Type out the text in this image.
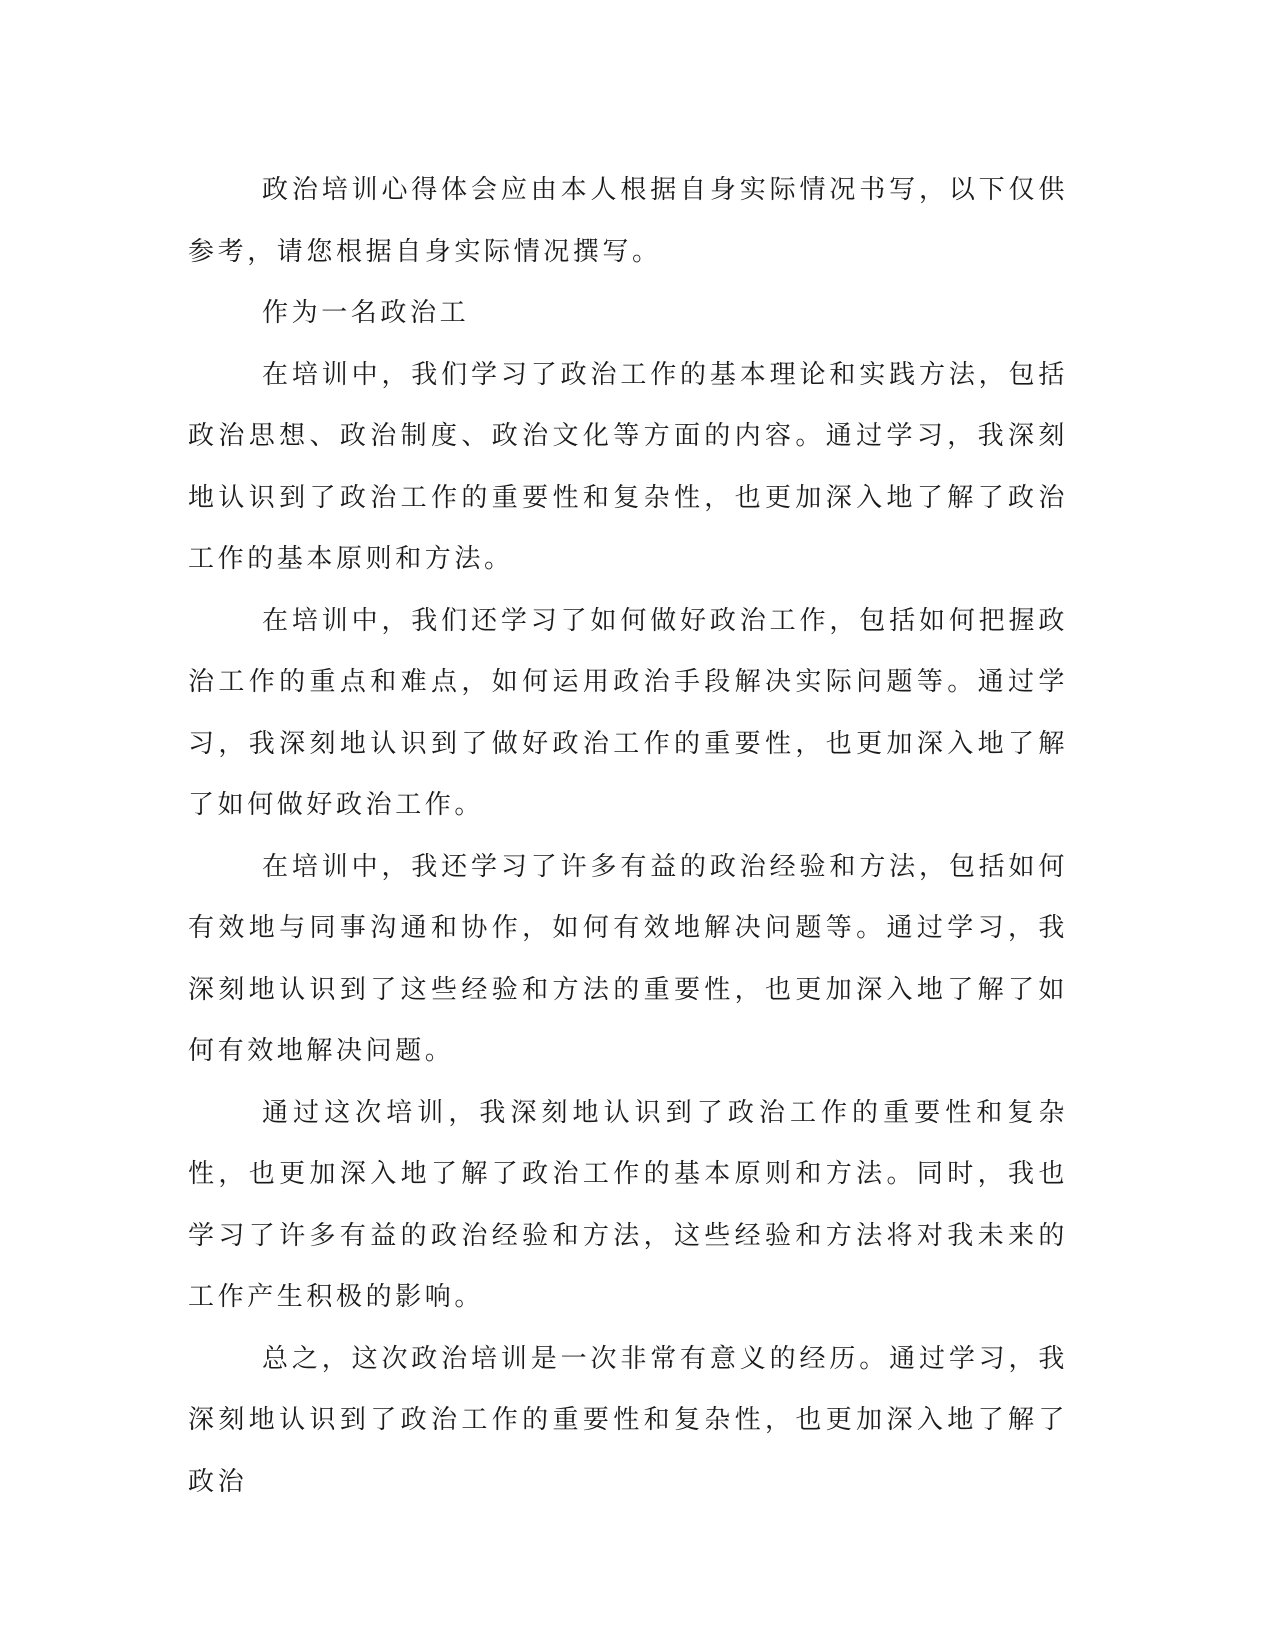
政治培训心得体会应由本人根据自身实际情况书写，以下仅供参考，请您根据自身实际情况撰写。

作为一名政治工

在培训中，我们学习了政治工作的基本理论和实践方法，包括政治思想、政治制度、政治文化等方面的内容。通过学习，我深刻地认识到了政治工作的重要性和复杂性，也更加深入地了解了政治工作的基本原则和方法。

在培训中，我们还学习了如何做好政治工作，包括如何把握政治工作的重点和难点，如何运用政治手段解决实际问题等。通过学习，我深刻地认识到了做好政治工作的重要性，也更加深入地了解了如何做好政治工作。

在培训中，我还学习了许多有益的政治经验和方法，包括如何有效地与同事沟通和协作，如何有效地解决问题等。通过学习，我深刻地认识到了这些经验和方法的重要性，也更加深入地了解了如何有效地解决问题。

通过这次培训，我深刻地认识到了政治工作的重要性和复杂性，也更加深入地了解了政治工作的基本原则和方法。同时，我也学习了许多有益的政治经验和方法，这些经验和方法将对我未来的工作产生积极的影响。

总之，这次政治培训是一次非常有意义的经历。通过学习，我深刻地认识到了政治工作的重要性和复杂性，也更加深入地了解了政治
